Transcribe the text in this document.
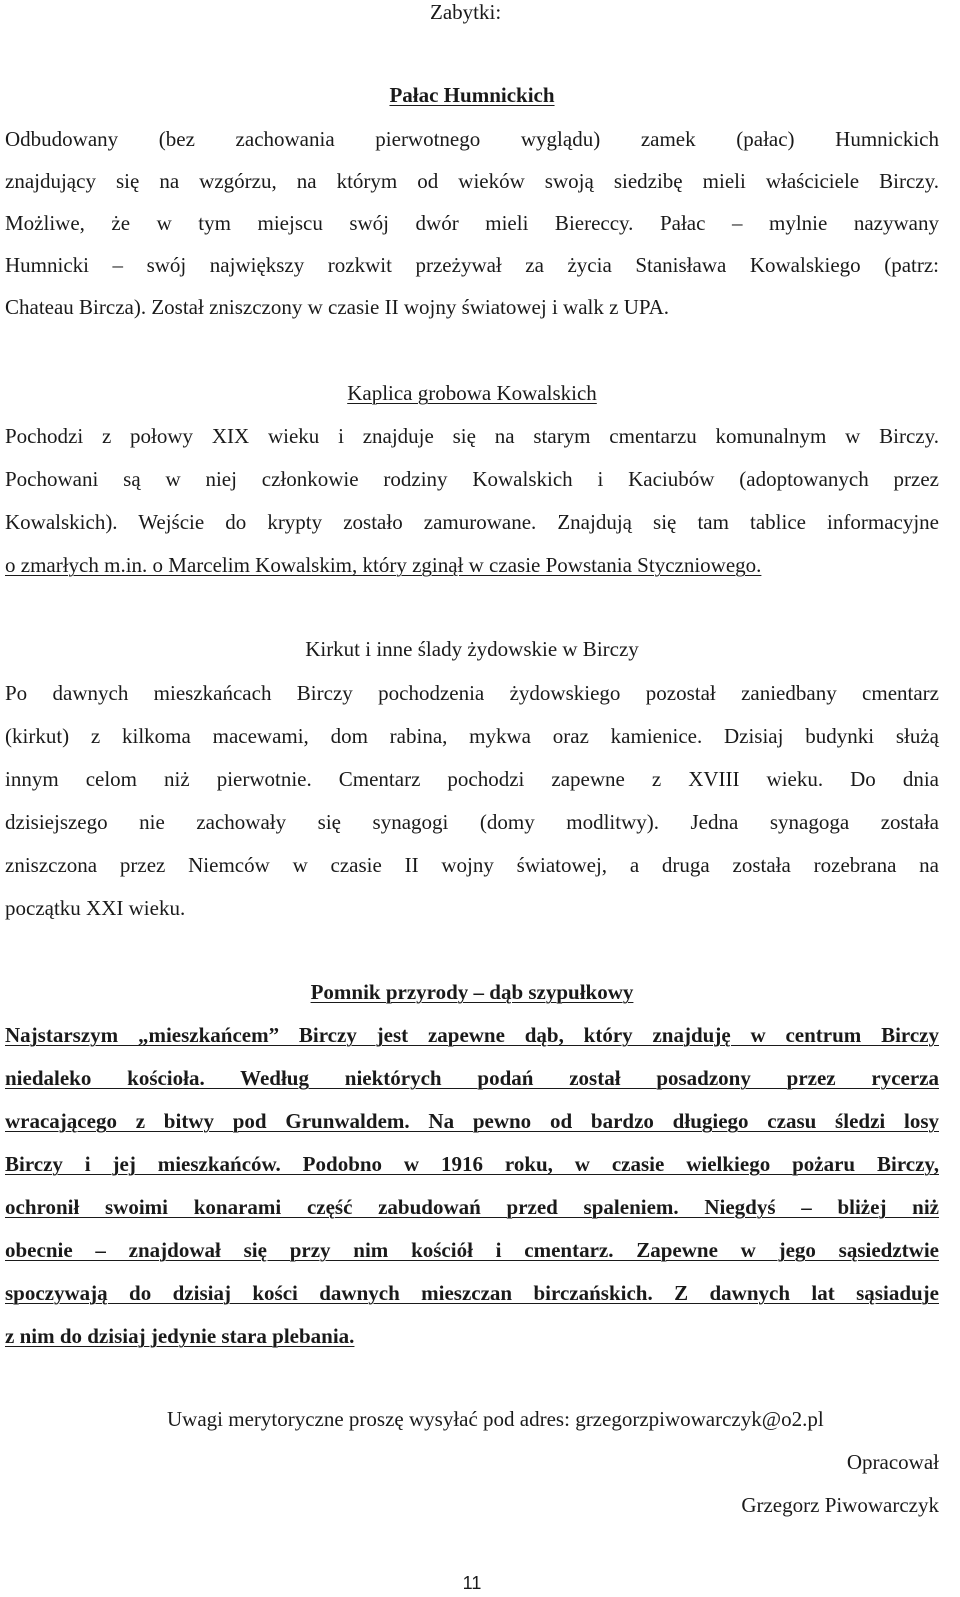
Zabytki:
Pałac Humnickich
Odbudowany (bez zachowania pierwotnego wyglądu) zamek (pałac) Humnickich
znajdujący się na wzgórzu, na którym od wieków swoją siedzibę mieli właściciele Birczy.
Możliwe, że w tym miejscu swój dwór mieli Biereccy. Pałac – mylnie nazywany
Humnicki – swój największy rozkwit przeżywał za życia Stanisława Kowalskiego (patrz:
Chateau Bircza). Został zniszczony w czasie II wojny światowej i walk z UPA.
Kaplica grobowa Kowalskich
Pochodzi z połowy XIX wieku i znajduje się na starym cmentarzu komunalnym w Birczy.
Pochowani są w niej członkowie rodziny Kowalskich i Kaciubów (adoptowanych przez
Kowalskich). Wejście do krypty zostało zamurowane. Znajdują się tam tablice informacyjne
o zmarłych m.in. o Marcelim Kowalskim, który zginął w czasie Powstania Styczniowego.
Kirkut i inne ślady żydowskie w Birczy
Po dawnych mieszkańcach Birczy pochodzenia żydowskiego pozostał zaniedbany cmentarz
(kirkut) z kilkoma macewami, dom rabina, mykwa oraz kamienice. Dzisiaj budynki służą
innym celom niż pierwotnie. Cmentarz pochodzi zapewne z XVIII wieku. Do dnia
dzisiejszego nie zachowały się synagogi (domy modlitwy). Jedna synagoga została
zniszczona przez Niemców w czasie II wojny światowej, a druga została rozebrana na
początku XXI wieku.
Pomnik przyrody – dąb szypułkowy
Najstarszym „mieszkańcem” Birczy jest zapewne dąb, który znajduję w centrum Birczy
niedaleko kościoła. Według niektórych podań został posadzony przez rycerza
wracającego z bitwy pod Grunwaldem. Na pewno od bardzo długiego czasu śledzi losy
Birczy i jej mieszkańców. Podobno w 1916 roku, w czasie wielkiego pożaru Birczy,
ochronił swoimi konarami część zabudowań przed spaleniem. Niegdyś – bliżej niż
obecnie – znajdował się przy nim kościół i cmentarz. Zapewne w jego sąsiedztwie
spoczywają do dzisiaj kości dawnych mieszczan birczańskich. Z dawnych lat sąsiaduje
z nim do dzisiaj jedynie stara plebania.
Uwagi merytoryczne proszę wysyłać pod adres: grzegorzpiwowarczyk@o2.pl
Opracował
Grzegorz Piwowarczyk
11
